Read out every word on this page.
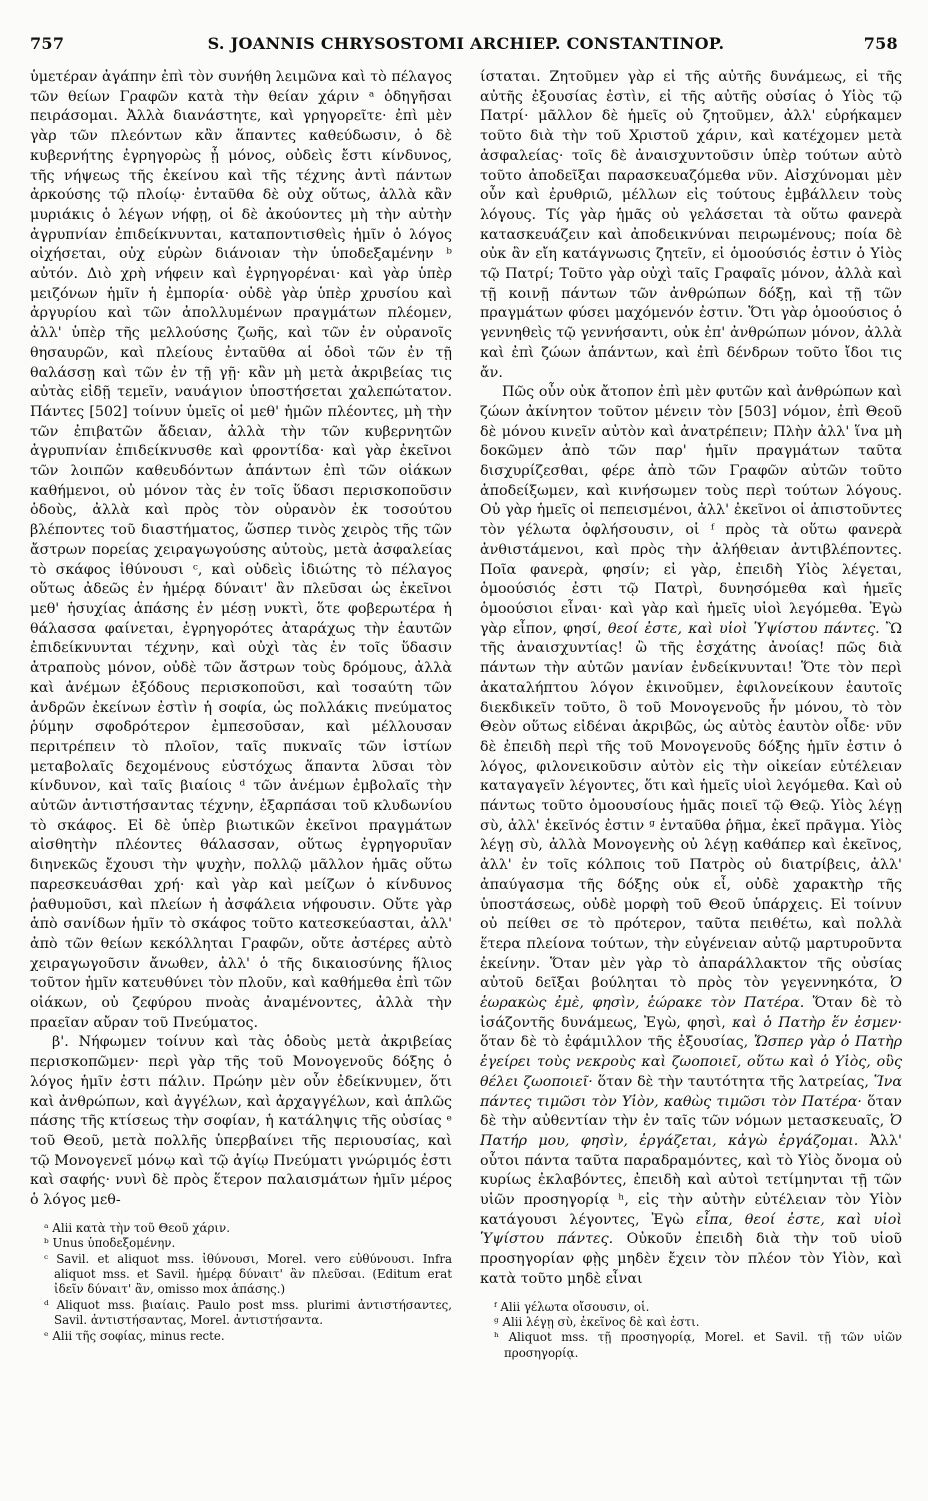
757	S. JOANNIS CHRYSOSTOMI ARCHIEP. CONSTANTINOP.	758

ὑμετέραν ἀγάπην ἐπὶ τὸν συνήθη λειμῶνα καὶ τὸ πέλαγος τῶν θείων Γραφῶν κατὰ τὴν θείαν χάριν ᵃ ὁδηγῆσαι πειράσομαι. Ἀλλὰ διανάστητε, καὶ γρηγορεῖτε· ἐπὶ μὲν γὰρ τῶν πλεόντων κἂν ἅπαντες καθεύδωσιν, ὁ δὲ κυβερνήτης ἐγρηγορὼς ᾖ μόνος, οὐδεὶς ἔστι κίνδυνος, τῆς νήψεως τῆς ἐκείνου καὶ τῆς τέχνης ἀντὶ πάντων ἀρκούσης τῷ πλοίῳ· ἐνταῦθα δὲ οὐχ οὕτως, ἀλλὰ κἂν μυριάκις ὁ λέγων νήφῃ, οἱ δὲ ἀκούοντες μὴ τὴν αὐτὴν ἀγρυπνίαν ἐπιδείκνυνται, καταποντισθεὶς ἡμῖν ὁ λόγος οἰχήσεται, οὐχ εὑρὼν διάνοιαν τὴν ὑποδεξαμένην ᵇ αὐτόν. Διὸ χρὴ νήφειν καὶ ἐγρηγορέναι· καὶ γὰρ ὑπὲρ μειζόνων ἡμῖν ἡ ἐμπορία· οὐδὲ γὰρ ὑπὲρ χρυσίου καὶ ἀργυρίου καὶ τῶν ἀπολλυμένων πραγμάτων πλέομεν, ἀλλ' ὑπὲρ τῆς μελλούσης ζωῆς, καὶ τῶν ἐν οὐρανοῖς θησαυρῶν, καὶ πλείους ἐνταῦθα αἱ ὁδοὶ τῶν ἐν τῇ θαλάσσῃ καὶ τῶν ἐν τῇ γῇ· κἂν μὴ μετὰ ἀκριβείας τις αὐτὰς εἰδῇ τεμεῖν, ναυάγιον ὑποστήσεται χαλεπώτατον. Πάντες [502] τοίνυν ὑμεῖς οἱ μεθ' ἡμῶν πλέοντες, μὴ τὴν τῶν ἐπιβατῶν ἄδειαν, ἀλλὰ τὴν τῶν κυβερνητῶν ἀγρυπνίαν ἐπιδείκνυσθε καὶ φροντίδα· καὶ γὰρ ἐκεῖνοι τῶν λοιπῶν καθευδόντων ἁπάντων ἐπὶ τῶν οἰάκων καθήμενοι, οὐ μόνον τὰς ἐν τοῖς ὕδασι περισκοποῦσιν ὁδοὺς, ἀλλὰ καὶ πρὸς τὸν οὐρανὸν ἐκ τοσούτου βλέποντες τοῦ διαστήματος, ὥσπερ τινὸς χειρὸς τῆς τῶν ἄστρων πορείας χειραγωγούσης αὐτοὺς, μετὰ ἀσφαλείας τὸ σκάφος ἰθύνουσι ᶜ, καὶ οὐδεὶς ἰδιώτης τὸ πέλαγος οὕτως ἀδεῶς ἐν ἡμέρᾳ δύναιτ' ἂν πλεῦσαι ὡς ἐκεῖνοι μεθ' ἡσυχίας ἁπάσης ἐν μέσῃ νυκτὶ, ὅτε φοβερωτέρα ἡ θάλασσα φαίνεται, ἐγρηγορότες ἀταράχως τὴν ἑαυτῶν ἐπιδείκνυνται τέχνην, καὶ οὐχὶ τὰς ἐν τοῖς ὕδασιν ἀτραποὺς μόνον, οὐδὲ τῶν ἄστρων τοὺς δρόμους, ἀλλὰ καὶ ἀνέμων ἐξόδους περισκοποῦσι, καὶ τοσαύτη τῶν ἀνδρῶν ἐκείνων ἐστὶν ἡ σοφία, ὡς πολλάκις πνεύματος ῥύμην σφοδρότερον ἐμπεσοῦσαν, καὶ μέλλουσαν περιτρέπειν τὸ πλοῖον, ταῖς πυκναῖς τῶν ἱστίων μεταβολαῖς δεχομένους εὐστόχως ἅπαντα λῦσαι τὸν κίνδυνον, καὶ ταῖς βιαίοις ᵈ τῶν ἀνέμων ἐμβολαῖς τὴν αὐτῶν ἀντιστήσαντας τέχνην, ἐξαρπάσαι τοῦ κλυδωνίου τὸ σκάφος. Εἰ δὲ ὑπὲρ βιωτικῶν ἐκεῖνοι πραγμάτων αἰσθητὴν πλέοντες θάλασσαν, οὕτως ἐγρηγορυῖαν διηνεκῶς ἔχουσι τὴν ψυχὴν, πολλῷ μᾶλλον ἡμᾶς οὕτω παρεσκευάσθαι χρή· καὶ γὰρ καὶ μείζων ὁ κίνδυνος ῥαθυμοῦσι, καὶ πλείων ἡ ἀσφάλεια νήφουσιν. Οὔτε γὰρ ἀπὸ σανίδων ἡμῖν τὸ σκάφος τοῦτο κατεσκεύασται, ἀλλ' ἀπὸ τῶν θείων κεκόλληται Γραφῶν, οὔτε ἀστέρες αὐτὸ χειραγωγοῦσιν ἄνωθεν, ἀλλ' ὁ τῆς δικαιοσύνης ἥλιος τοῦτον ἡμῖν κατευθύνει τὸν πλοῦν, καὶ καθήμεθα ἐπὶ τῶν οἰάκων, οὐ ζεφύρου πνοὰς ἀναμένοντες, ἀλλὰ τὴν πραεῖαν αὔραν τοῦ Πνεύματος.

β'. Νήφωμεν τοίνυν καὶ τὰς ὁδοὺς μετὰ ἀκριβείας περισκοπῶμεν· περὶ γὰρ τῆς τοῦ Μονογενοῦς δόξης ὁ λόγος ἡμῖν ἐστι πάλιν. Πρώην μὲν οὖν ἐδείκνυμεν, ὅτι καὶ ἀνθρώπων, καὶ ἀγγέλων, καὶ ἀρχαγγέλων, καὶ ἁπλῶς πάσης τῆς κτίσεως τὴν σοφίαν, ἡ κατάληψις τῆς οὐσίας ᵉ τοῦ Θεοῦ, μετὰ πολλῆς ὑπερβαίνει τῆς περιουσίας, καὶ τῷ Μονογενεῖ μόνῳ καὶ τῷ ἁγίῳ Πνεύματι γνώριμός ἐστι καὶ σαφής· νυνὶ δὲ πρὸς ἕτερον παλαισμάτων ἡμῖν μέρος ὁ λόγος μεθ-

ᵃ Alii κατὰ τὴν τοῦ Θεοῦ χάριν.
ᵇ Unus ὑποδεξομένην.
ᶜ Savil. et aliquot mss. ἰθύνουσι, Morel. vero εὐθύνουσι. Infra aliquot mss. et Savil. ἡμέρᾳ δύναιτ' ἂν πλεῦσαι. (Editum erat ἰδεῖν δύναιτ' ἂν, omisso mox ἁπάσης.)
ᵈ Aliquot mss. βιαίαις. Paulo post mss. plurimi ἀντιστήσαντες, Savil. ἀντιστήσαντας, Morel. ἀντιστήσαντα.
ᵉ Alii τῆς σοφίας, minus recte.

ίσταται. Ζητοῦμεν γὰρ εἰ τῆς αὐτῆς δυνάμεως, εἰ τῆς αὐτῆς ἐξουσίας ἐστὶν, εἰ τῆς αὐτῆς οὐσίας ὁ Υἱὸς τῷ Πατρί· μᾶλλον δὲ ἡμεῖς οὐ ζητοῦμεν, ἀλλ' εὑρήκαμεν τοῦτο διὰ τὴν τοῦ Χριστοῦ χάριν, καὶ κατέχομεν μετὰ ἀσφαλείας· τοῖς δὲ ἀναισχυντοῦσιν ὑπὲρ τούτων αὐτὸ τοῦτο ἀποδεῖξαι παρασκευαζόμεθα νῦν. Αἰσχύνομαι μὲν οὖν καὶ ἐρυθριῶ, μέλλων εἰς τούτους ἐμβάλλειν τοὺς λόγους. Τίς γὰρ ἡμᾶς οὐ γελάσεται τὰ οὕτω φανερὰ κατασκευάζειν καὶ ἀποδεικνύναι πειρωμένους; ποία δὲ οὐκ ἂν εἴη κατάγνωσις ζητεῖν, εἰ ὁμοούσιός ἐστιν ὁ Υἱὸς τῷ Πατρί; Τοῦτο γὰρ οὐχὶ ταῖς Γραφαῖς μόνον, ἀλλὰ καὶ τῇ κοινῇ πάντων τῶν ἀνθρώπων δόξῃ, καὶ τῇ τῶν πραγμάτων φύσει μαχόμενόν ἐστιν. Ὅτι γὰρ ὁμοούσιος ὁ γεννηθεὶς τῷ γεννήσαντι, οὐκ ἐπ' ἀνθρώπων μόνον, ἀλλὰ καὶ ἐπὶ ζώων ἁπάντων, καὶ ἐπὶ δένδρων τοῦτο ἴδοι τις ἄν.

Πῶς οὖν οὐκ ἄτοπον ἐπὶ μὲν φυτῶν καὶ ἀνθρώπων καὶ ζώων ἀκίνητον τοῦτον μένειν τὸν [503] νόμον, ἐπὶ Θεοῦ δὲ μόνου κινεῖν αὐτὸν καὶ ἀνατρέπειν; Πλὴν ἀλλ' ἵνα μὴ δοκῶμεν ἀπὸ τῶν παρ' ἡμῖν πραγμάτων ταῦτα δισχυρίζεσθαι, φέρε ἀπὸ τῶν Γραφῶν αὐτῶν τοῦτο ἀποδείξωμεν, καὶ κινήσωμεν τοὺς περὶ τούτων λόγους. Οὐ γὰρ ἡμεῖς οἱ πεπεισμένοι, ἀλλ' ἐκεῖνοι οἱ ἀπιστοῦντες τὸν γέλωτα ὀφλήσουσιν, οἱ ᶠ πρὸς τὰ οὕτω φανερὰ ἀνθιστάμενοι, καὶ πρὸς τὴν ἀλήθειαν ἀντιβλέποντες. Ποῖα φανερὰ, φησίν; εἰ γὰρ, ἐπειδὴ Υἱὸς λέγεται, ὁμοούσιός ἐστι τῷ Πατρὶ, δυνησόμεθα καὶ ἡμεῖς ὁμοούσιοι εἶναι· καὶ γὰρ καὶ ἡμεῖς υἱοὶ λεγόμεθα. Ἐγὼ γὰρ εἶπον, φησί, θεοί ἐστε, καὶ υἱοὶ Ὑψίστου πάντες. Ὢ τῆς ἀναισχυντίας! ὢ τῆς ἐσχάτης ἀνοίας! πῶς διὰ πάντων τὴν αὐτῶν μανίαν ἐνδείκνυνται! Ὅτε τὸν περὶ ἀκαταλήπτου λόγον ἐκινοῦμεν, ἐφιλονείκουν ἑαυτοῖς διεκδικεῖν τοῦτο, ὃ τοῦ Μονογενοῦς ἦν μόνου, τὸ τὸν Θεὸν οὕτως εἰδέναι ἀκριβῶς, ὡς αὐτὸς ἑαυτὸν οἶδε· νῦν δὲ ἐπειδὴ περὶ τῆς τοῦ Μονογενοῦς δόξης ἡμῖν ἐστιν ὁ λόγος, φιλονεικοῦσιν αὐτὸν εἰς τὴν οἰκείαν εὐτέλειαν καταγαγεῖν λέγοντες, ὅτι καὶ ἡμεῖς υἱοὶ λεγόμεθα. Καὶ οὐ πάντως τοῦτο ὁμοουσίους ἡμᾶς ποιεῖ τῷ Θεῷ. Υἱὸς λέγῃ σὺ, ἀλλ' ἐκεῖνός ἐστιν ᵍ ἐνταῦθα ῥῆμα, ἐκεῖ πρᾶγμα. Υἱὸς λέγῃ σὺ, ἀλλὰ Μονογενὴς οὐ λέγῃ καθάπερ καὶ ἐκεῖνος, ἀλλ' ἐν τοῖς κόλποις τοῦ Πατρὸς οὐ διατρίβεις, ἀλλ' ἀπαύγασμα τῆς δόξης οὐκ εἶ, οὐδὲ χαρακτὴρ τῆς ὑποστάσεως, οὐδὲ μορφὴ τοῦ Θεοῦ ὑπάρχεις. Εἰ τοίνυν οὐ πείθει σε τὸ πρότερον, ταῦτα πειθέτω, καὶ πολλὰ ἕτερα πλείονα τούτων, τὴν εὐγένειαν αὐτῷ μαρτυροῦντα ἐκείνην. Ὅταν μὲν γὰρ τὸ ἀπαράλλακτον τῆς οὐσίας αὐτοῦ δεῖξαι βούληται τὸ πρὸς τὸν γεγεννηκότα, Ὁ ἑωρακὼς ἐμὲ, φησὶν, ἑώρακε τὸν Πατέρα. Ὅταν δὲ τὸ ἰσάζοντῆς δυνάμεως, Ἐγὼ, φησὶ, καὶ ὁ Πατὴρ ἕν ἐσμεν· ὅταν δὲ τὸ ἐφάμιλλον τῆς ἐξουσίας, Ὥσπερ γὰρ ὁ Πατὴρ ἐγείρει τοὺς νεκροὺς καὶ ζωοποιεῖ, οὕτω καὶ ὁ Υἱὸς, οὓς θέλει ζωοποιεῖ· ὅταν δὲ τὴν ταυτότητα τῆς λατρείας, Ἵνα πάντες τιμῶσι τὸν Υἱὸν, καθὼς τιμῶσι τὸν Πατέρα· ὅταν δὲ τὴν αὐθεντίαν τὴν ἐν ταῖς τῶν νόμων μετασκευαῖς, Ὁ Πατήρ μου, φησὶν, ἐργάζεται, κἀγὼ ἐργάζομαι. Ἀλλ' οὗτοι πάντα ταῦτα παραδραμόντες, καὶ τὸ Υἱὸς ὄνομα οὐ κυρίως ἐκλαβόντες, ἐπειδὴ καὶ αὐτοὶ τετίμηνται τῇ τῶν υἱῶν προσηγορίᾳ ʰ, εἰς τὴν αὐτὴν εὐτέλειαν τὸν Υἱὸν κατάγουσι λέγοντες, Ἐγὼ εἶπα, θεοί ἐστε, καὶ υἱοὶ Ὑψίστου πάντες. Οὐκοῦν ἐπειδὴ διὰ τὴν τοῦ υἱοῦ προσηγορίαν φῂς μηδὲν ἔχειν τὸν πλέον τὸν Υἱὸν, καὶ κατὰ τοῦτο μηδὲ εἶναι

ᶠ Alii γέλωτα οἴσουσιν, οἱ.
ᵍ Alii λέγῃ σὺ, ἐκεῖνος δὲ καὶ ἐστι.
ʰ Aliquot mss. τῇ προσηγορίᾳ, Morel. et Savil. τῇ τῶν υἱῶν προσηγορίᾳ.
